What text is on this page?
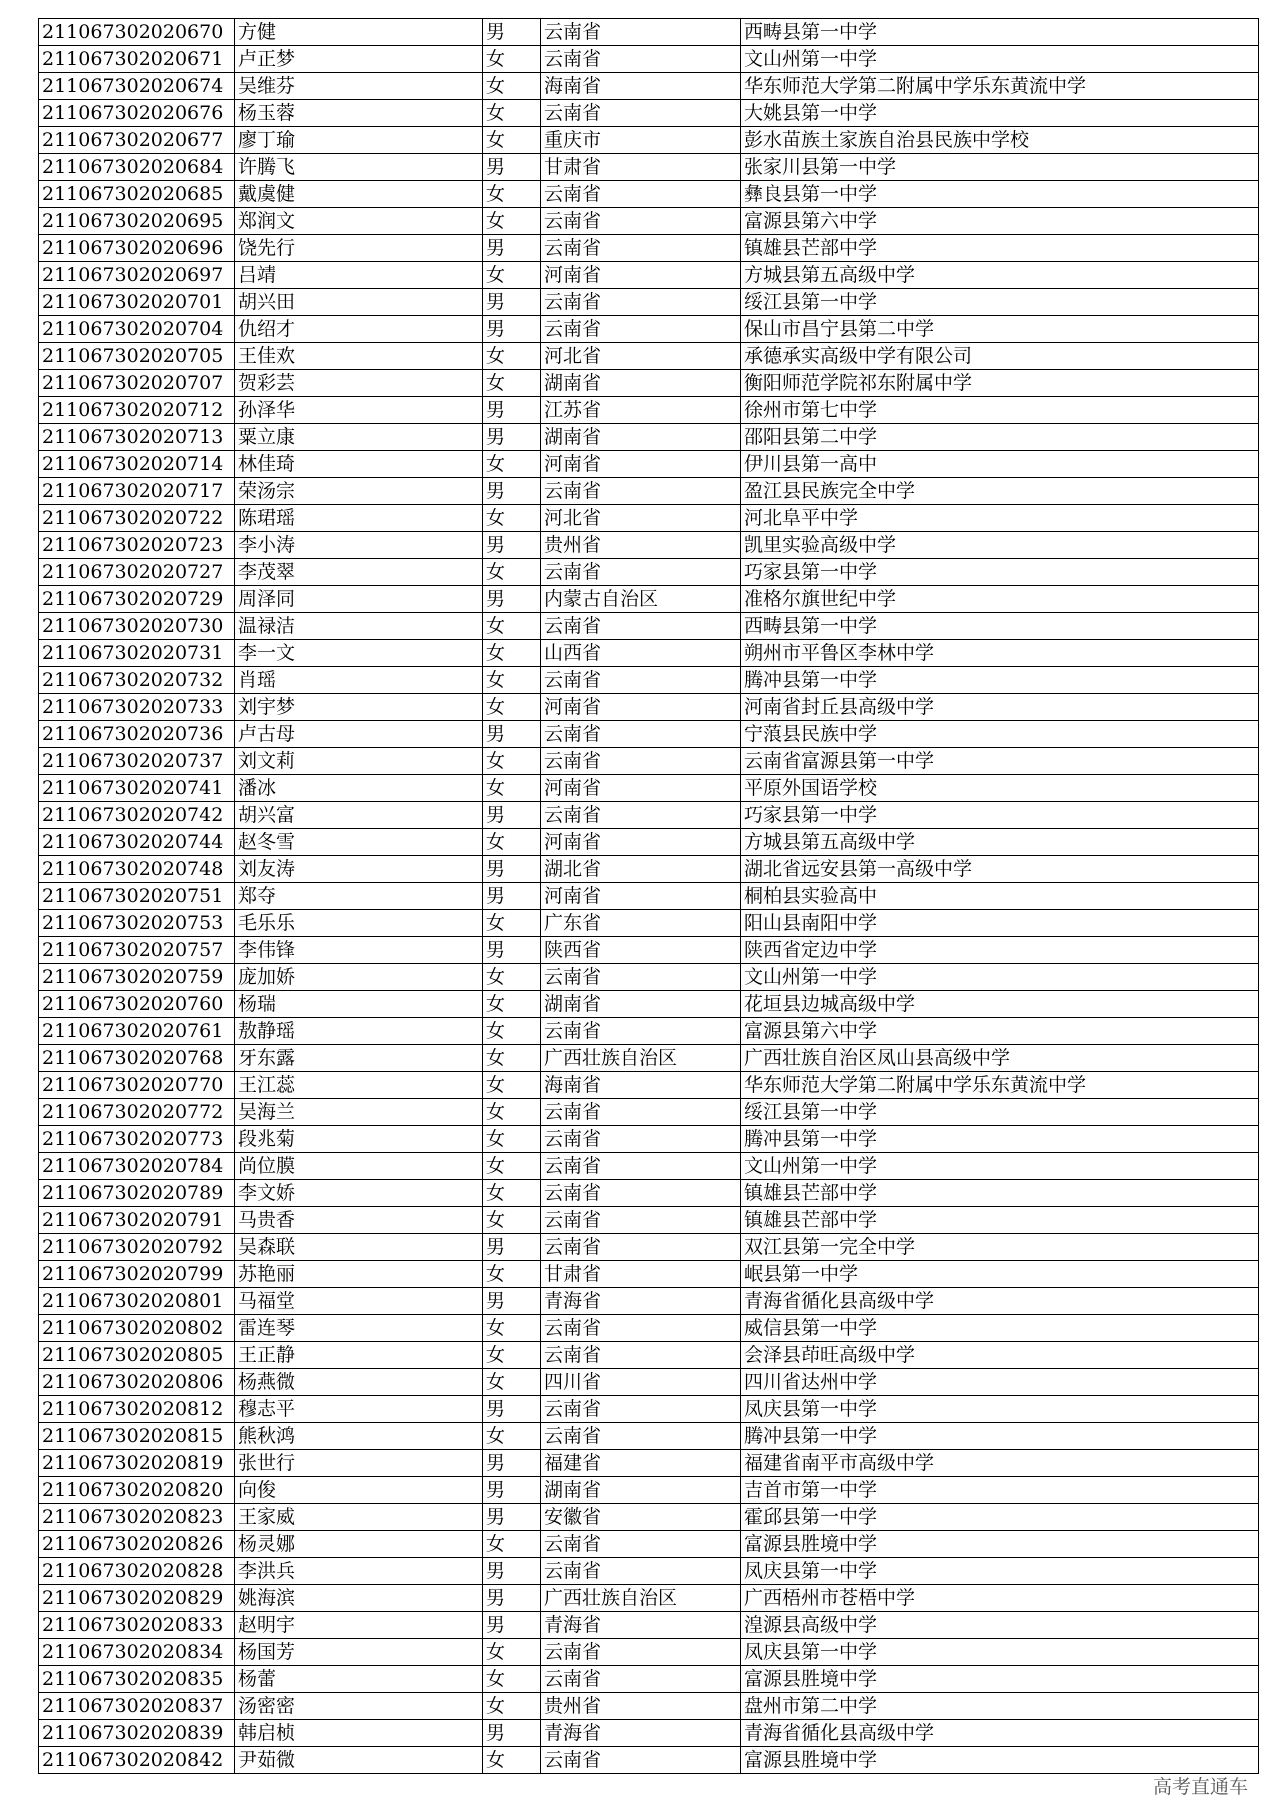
211067302020670	方健	男	云南省	西畴县第一中学
211067302020671	卢正梦	女	云南省	文山州第一中学
211067302020674	吴维芬	女	海南省	华东师范大学第二附属中学乐东黄流中学
211067302020676	杨玉蓉	女	云南省	大姚县第一中学
211067302020677	廖丁瑜	女	重庆市	彭水苗族土家族自治县民族中学校
211067302020684	许腾飞	男	甘肃省	张家川县第一中学
211067302020685	戴虞健	女	云南省	彝良县第一中学
211067302020695	郑润文	女	云南省	富源县第六中学
211067302020696	饶先行	男	云南省	镇雄县芒部中学
211067302020697	吕靖	女	河南省	方城县第五高级中学
211067302020701	胡兴田	男	云南省	绥江县第一中学
211067302020704	仇绍才	男	云南省	保山市昌宁县第二中学
211067302020705	王佳欢	女	河北省	承德承实高级中学有限公司
211067302020707	贺彩芸	女	湖南省	衡阳师范学院祁东附属中学
211067302020712	孙泽华	男	江苏省	徐州市第七中学
211067302020713	粟立康	男	湖南省	邵阳县第二中学
211067302020714	林佳琦	女	河南省	伊川县第一高中
211067302020717	荣汤宗	男	云南省	盈江县民族完全中学
211067302020722	陈珺瑶	女	河北省	河北阜平中学
211067302020723	李小涛	男	贵州省	凯里实验高级中学
211067302020727	李茂翠	女	云南省	巧家县第一中学
211067302020729	周泽同	男	内蒙古自治区	准格尔旗世纪中学
211067302020730	温禄洁	女	云南省	西畴县第一中学
211067302020731	李一文	女	山西省	朔州市平鲁区李林中学
211067302020732	肖瑶	女	云南省	腾冲县第一中学
211067302020733	刘宇梦	女	河南省	河南省封丘县高级中学
211067302020736	卢古母	男	云南省	宁蒗县民族中学
211067302020737	刘文莉	女	云南省	云南省富源县第一中学
211067302020741	潘冰	女	河南省	平原外国语学校
211067302020742	胡兴富	男	云南省	巧家县第一中学
211067302020744	赵冬雪	女	河南省	方城县第五高级中学
211067302020748	刘友涛	男	湖北省	湖北省远安县第一高级中学
211067302020751	郑夺	男	河南省	桐柏县实验高中
211067302020753	毛乐乐	女	广东省	阳山县南阳中学
211067302020757	李伟锋	男	陕西省	陕西省定边中学
211067302020759	庞加娇	女	云南省	文山州第一中学
211067302020760	杨瑞	女	湖南省	花垣县边城高级中学
211067302020761	敖静瑶	女	云南省	富源县第六中学
211067302020768	牙东露	女	广西壮族自治区	广西壮族自治区凤山县高级中学
211067302020770	王江蕊	女	海南省	华东师范大学第二附属中学乐东黄流中学
211067302020772	吴海兰	女	云南省	绥江县第一中学
211067302020773	段兆菊	女	云南省	腾冲县第一中学
211067302020784	尚位膜	女	云南省	文山州第一中学
211067302020789	李文娇	女	云南省	镇雄县芒部中学
211067302020791	马贵香	女	云南省	镇雄县芒部中学
211067302020792	吴森联	男	云南省	双江县第一完全中学
211067302020799	苏艳丽	女	甘肃省	岷县第一中学
211067302020801	马福堂	男	青海省	青海省循化县高级中学
211067302020802	雷连琴	女	云南省	威信县第一中学
211067302020805	王正静	女	云南省	会泽县茚旺高级中学
211067302020806	杨燕微	女	四川省	四川省达州中学
211067302020812	穆志平	男	云南省	凤庆县第一中学
211067302020815	熊秋鸿	女	云南省	腾冲县第一中学
211067302020819	张世行	男	福建省	福建省南平市高级中学
211067302020820	向俊	男	湖南省	吉首市第一中学
211067302020823	王家威	男	安徽省	霍邱县第一中学
211067302020826	杨灵娜	女	云南省	富源县胜境中学
211067302020828	李洪兵	男	云南省	凤庆县第一中学
211067302020829	姚海滨	男	广西壮族自治区	广西梧州市苍梧中学
211067302020833	赵明宇	男	青海省	湟源县高级中学
211067302020834	杨国芳	女	云南省	凤庆县第一中学
211067302020835	杨蕾	女	云南省	富源县胜境中学
211067302020837	汤密密	女	贵州省	盘州市第二中学
211067302020839	韩启桢	男	青海省	青海省循化县高级中学
211067302020842	尹茹微	女	云南省	富源县胜境中学
高考直通车
